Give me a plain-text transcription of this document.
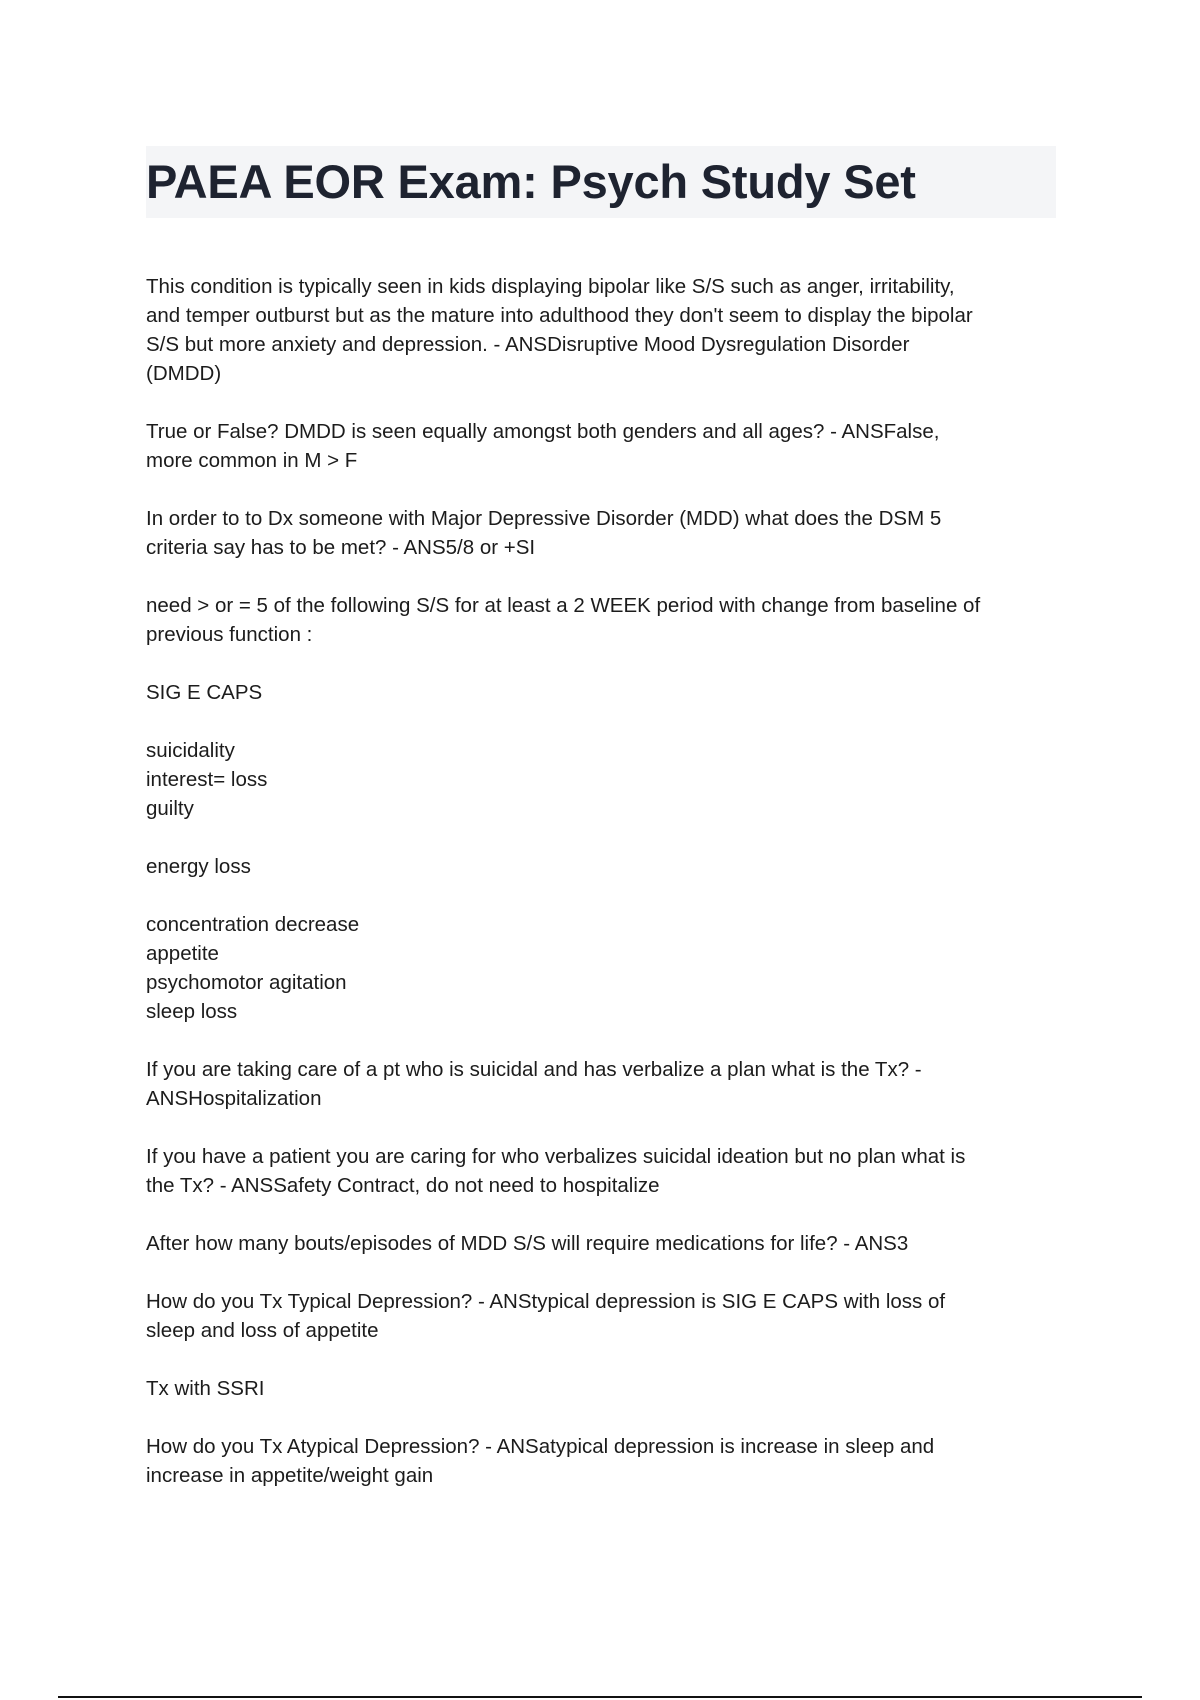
PAEA EOR Exam: Psych Study Set

This condition is typically seen in kids displaying bipolar like S/S such as anger, irritability,
and temper outburst but as the mature into adulthood they don't seem to display the bipolar
S/S but more anxiety and depression. - ANSDisruptive Mood Dysregulation Disorder
(DMDD)

True or False? DMDD is seen equally amongst both genders and all ages? - ANSFalse,
more common in M > F

In order to to Dx someone with Major Depressive Disorder (MDD) what does the DSM 5
criteria say has to be met? - ANS5/8 or +SI

need > or = 5 of the following S/S for at least a 2 WEEK period with change from baseline of
previous function :

SIG E CAPS

suicidality
interest= loss
guilty

energy loss

concentration decrease
appetite
psychomotor agitation
sleep loss

If you are taking care of a pt who is suicidal and has verbalize a plan what is the Tx? -
ANSHospitalization

If you have a patient you are caring for who verbalizes suicidal ideation but no plan what is
the Tx? - ANSSafety Contract, do not need to hospitalize

After how many bouts/episodes of MDD S/S will require medications for life? - ANS3

How do you Tx Typical Depression? - ANStypical depression is SIG E CAPS with loss of
sleep and loss of appetite

Tx with SSRI

How do you Tx Atypical Depression? - ANSatypical depression is increase in sleep and
increase in appetite/weight gain
